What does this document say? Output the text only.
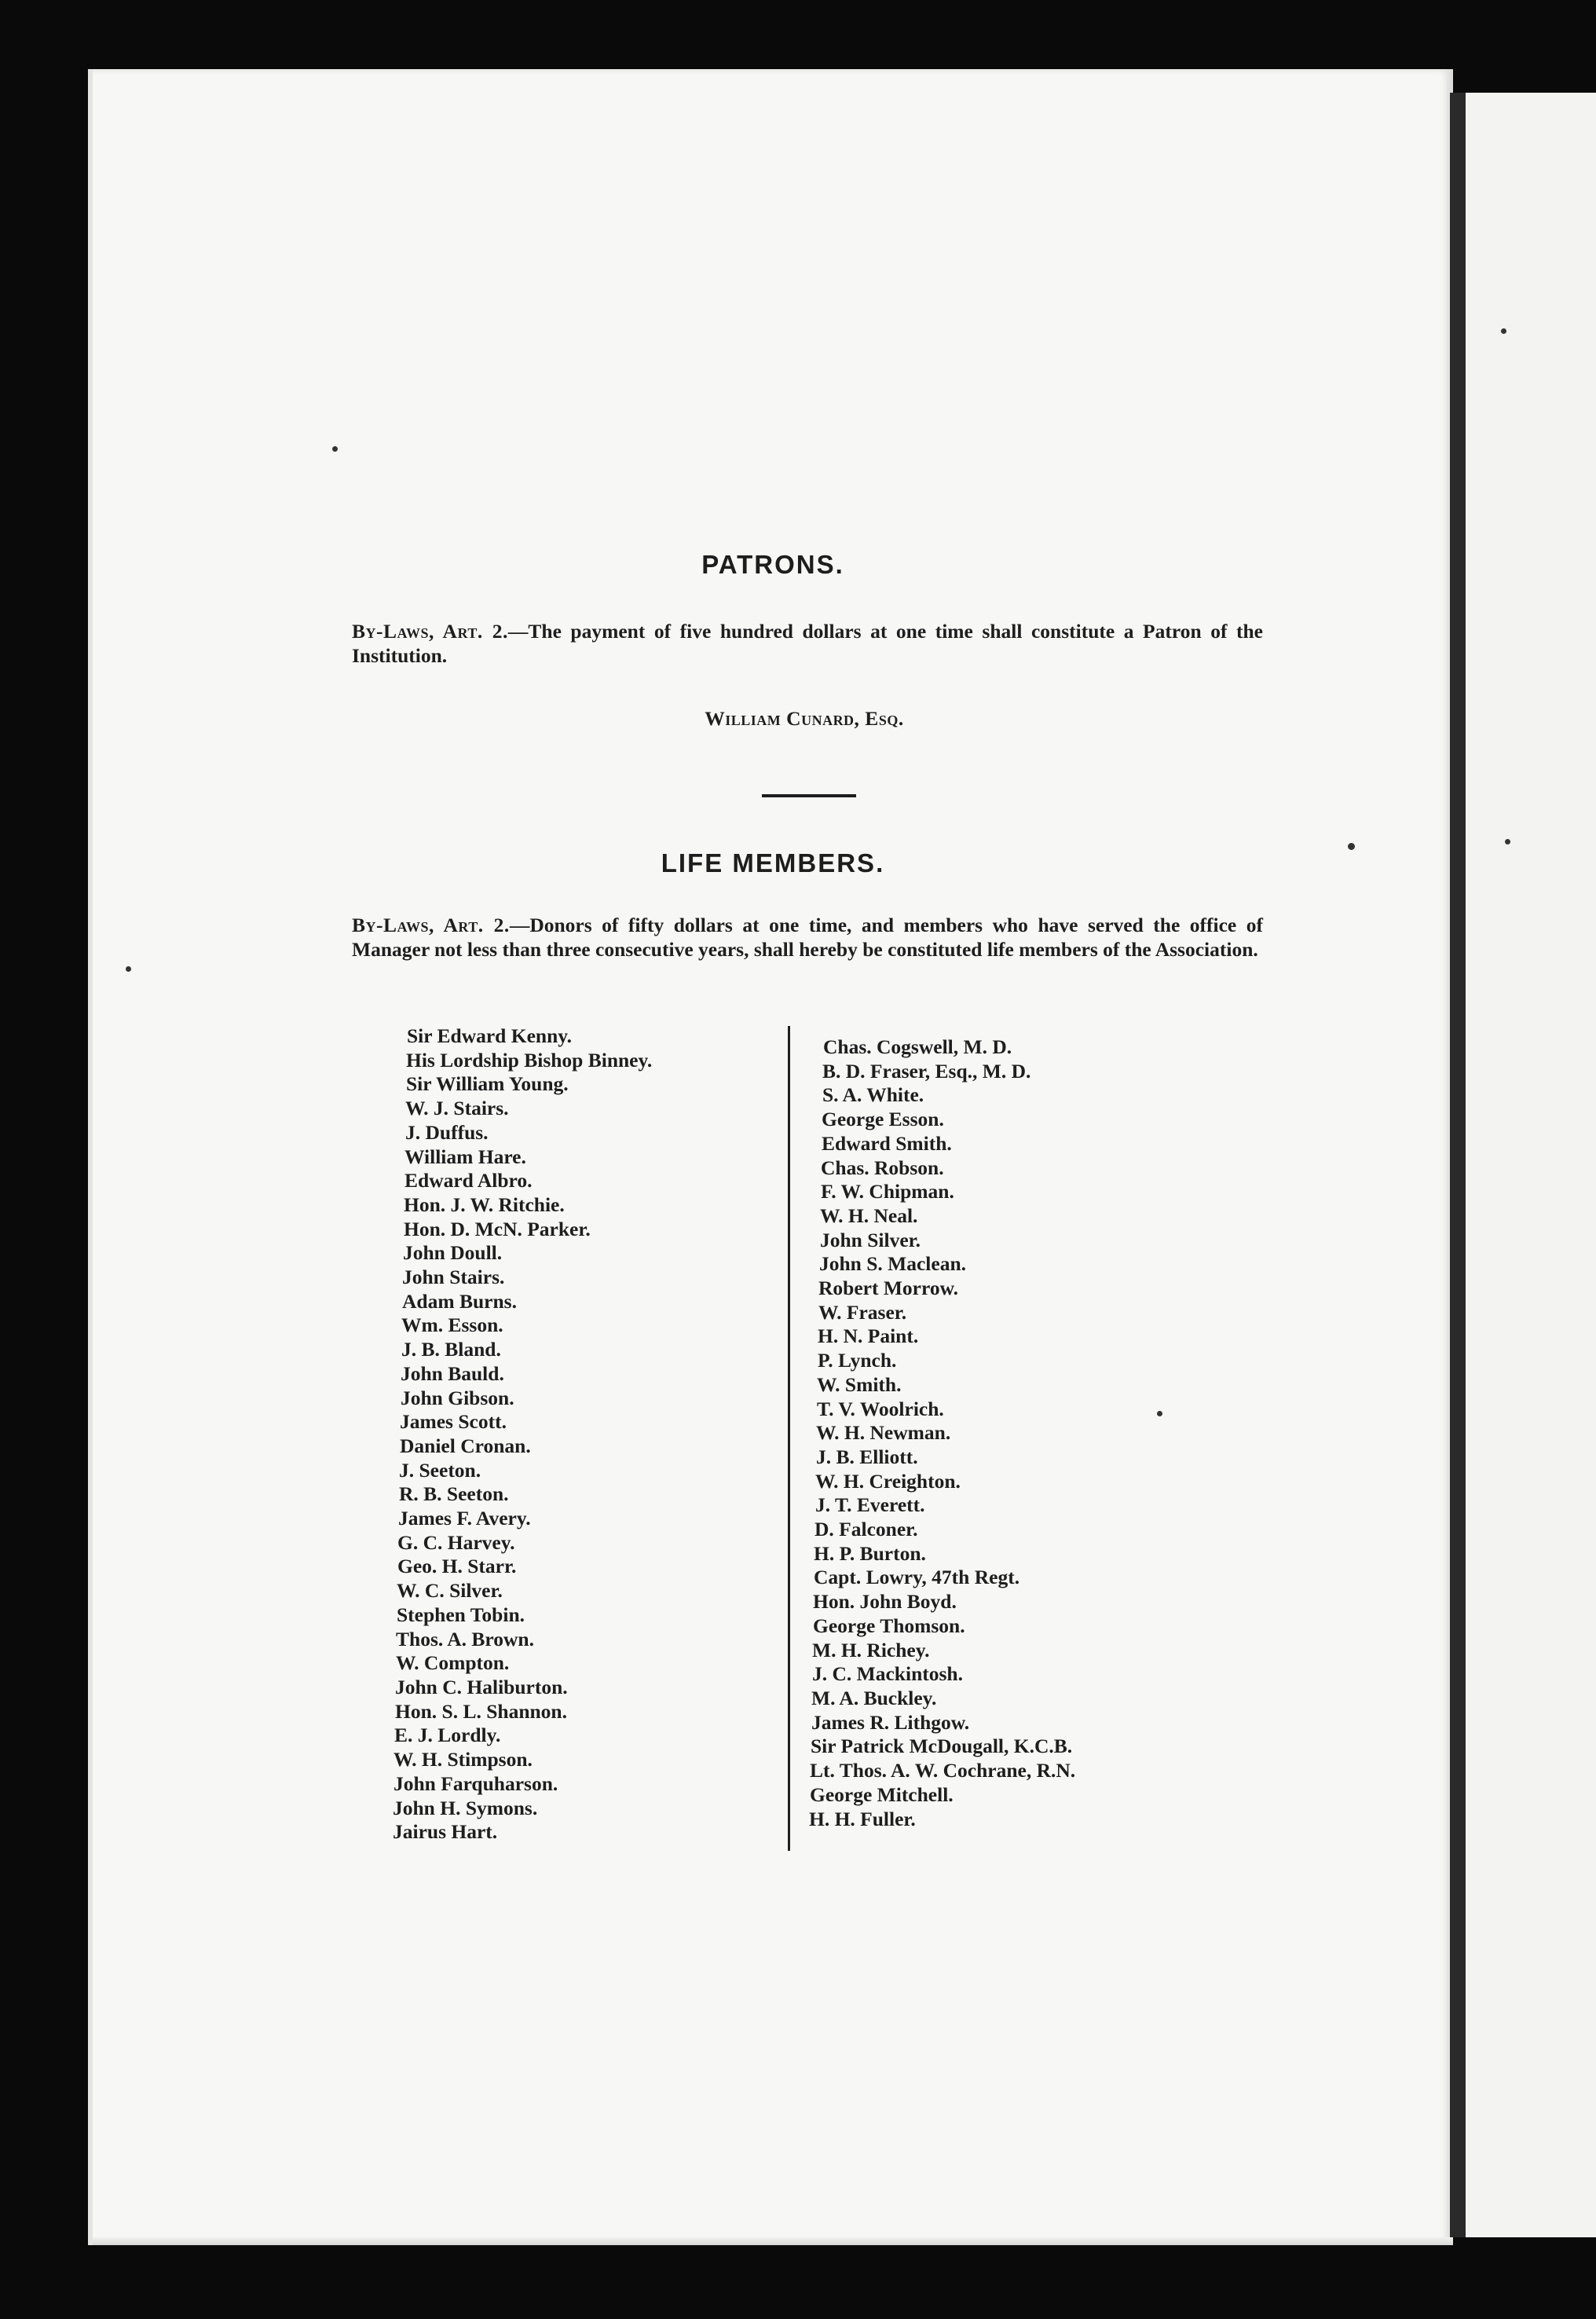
PATRONS.
By-Laws, Art. 2.—The payment of five hundred dollars at one time shall constitute a Patron of the Institution.
William Cunard, Esq.
LIFE MEMBERS.
By-Laws, Art. 2.—Donors of fifty dollars at one time, and members who have served the office of Manager not less than three consecutive years, shall hereby be constituted life members of the Association.
Sir Edward Kenny.
His Lordship Bishop Binney.
Sir William Young.
W. J. Stairs.
J. Duffus.
William Hare.
Edward Albro.
Hon. J. W. Ritchie.
Hon. D. McN. Parker.
John Doull.
John Stairs.
Adam Burns.
Wm. Esson.
J. B. Bland.
John Bauld.
John Gibson.
James Scott.
Daniel Cronan.
J. Seeton.
R. B. Seeton.
James F. Avery.
G. C. Harvey.
Geo. H. Starr.
W. C. Silver.
Stephen Tobin.
Thos. A. Brown.
W. Compton.
John C. Haliburton.
Hon. S. L. Shannon.
E. J. Lordly.
W. H. Stimpson.
John Farquharson.
John H. Symons.
Jairus Hart.
Chas. Cogswell, M. D.
B. D. Fraser, Esq., M. D.
S. A. White.
George Esson.
Edward Smith.
Chas. Robson.
F. W. Chipman.
W. H. Neal.
John Silver.
John S. Maclean.
Robert Morrow.
W. Fraser.
H. N. Paint.
P. Lynch.
W. Smith.
T. V. Woolrich.
W. H. Newman.
J. B. Elliott.
W. H. Creighton.
J. T. Everett.
D. Falconer.
H. P. Burton.
Capt. Lowry, 47th Regt.
Hon. John Boyd.
George Thomson.
M. H. Richey.
J. C. Mackintosh.
M. A. Buckley.
James R. Lithgow.
Sir Patrick McDougall, K.C.B.
Lt. Thos. A. W. Cochrane, R.N.
George Mitchell.
H. H. Fuller.
